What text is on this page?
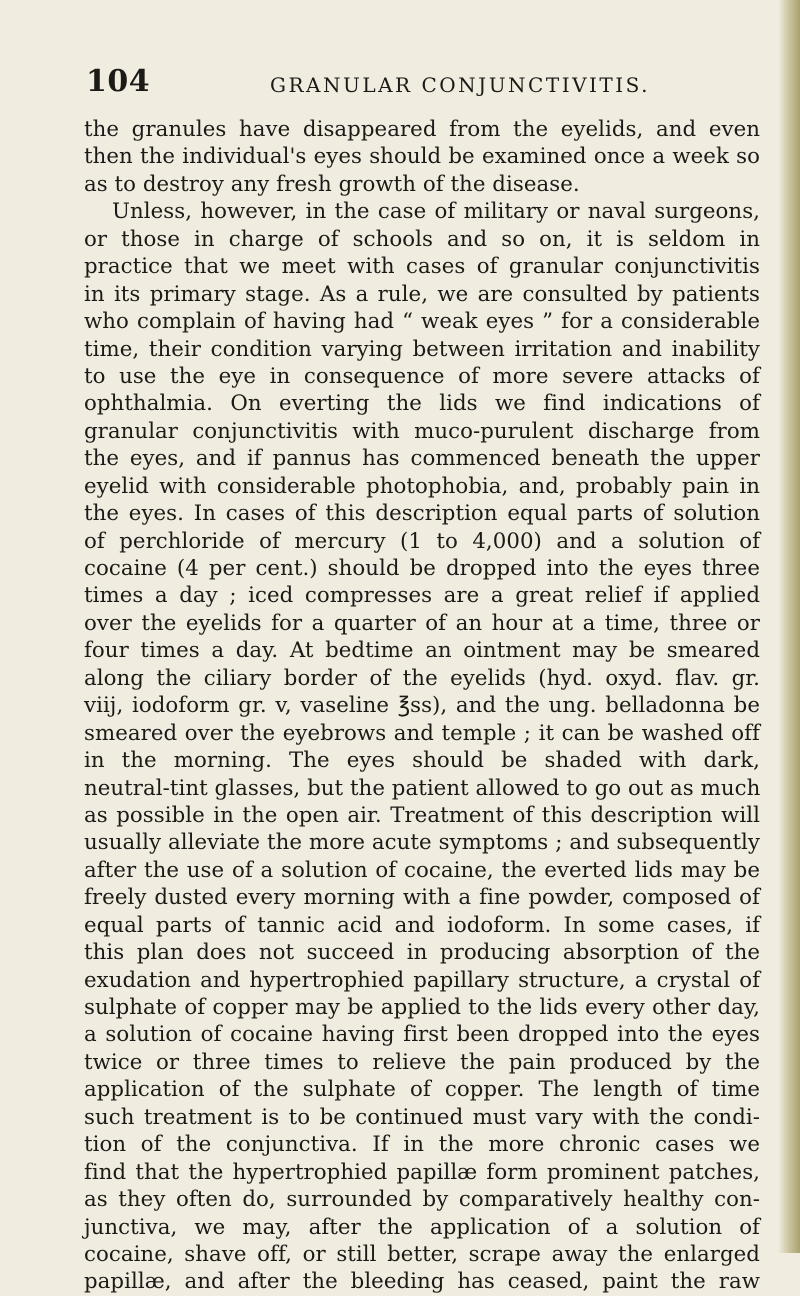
104	GRANULAR CONJUNCTIVITIS.
the granules have disappeared from the eyelids, and even
then the individual's eyes should be examined once a week so
as to destroy any fresh growth of the disease.
Unless, however, in the case of military or naval surgeons,
or those in charge of schools and so on, it is seldom in
practice that we meet with cases of granular conjunctivitis
in its primary stage. As a rule, we are consulted by patients
who complain of having had “ weak eyes ” for a considerable
time, their condition varying between irritation and inability
to use the eye in consequence of more severe attacks of
ophthalmia. On everting the lids we find indications of
granular conjunctivitis with muco-purulent discharge from
the eyes, and if pannus has commenced beneath the upper
eyelid with considerable photophobia, and, probably pain in
the eyes. In cases of this description equal parts of solution
of perchloride of mercury (1 to 4,000) and a solution of
cocaine (4 per cent.) should be dropped into the eyes three
times a day ; iced compresses are a great relief if applied
over the eyelids for a quarter of an hour at a time, three or
four times a day. At bedtime an ointment may be smeared
along the ciliary border of the eyelids (hyd. oxyd. flav. gr.
viij, iodoform gr. v, vaseline ℥ss), and the ung. belladonna be
smeared over the eyebrows and temple ; it can be washed off
in the morning. The eyes should be shaded with dark,
neutral-tint glasses, but the patient allowed to go out as much
as possible in the open air. Treatment of this description will
usually alleviate the more acute symptoms ; and subsequently
after the use of a solution of cocaine, the everted lids may be
freely dusted every morning with a fine powder, composed of
equal parts of tannic acid and iodoform. In some cases, if
this plan does not succeed in producing absorption of the
exudation and hypertrophied papillary structure, a crystal of
sulphate of copper may be applied to the lids every other day,
a solution of cocaine having first been dropped into the eyes
twice or three times to relieve the pain produced by the
application of the sulphate of copper. The length of time
such treatment is to be continued must vary with the condi-
tion of the conjunctiva. If in the more chronic cases we
find that the hypertrophied papillæ form prominent patches,
as they often do, surrounded by comparatively healthy con-
junctiva, we may, after the application of a solution of
cocaine, shave off, or still better, scrape away the enlarged
papillæ, and after the bleeding has ceased, paint the raw
